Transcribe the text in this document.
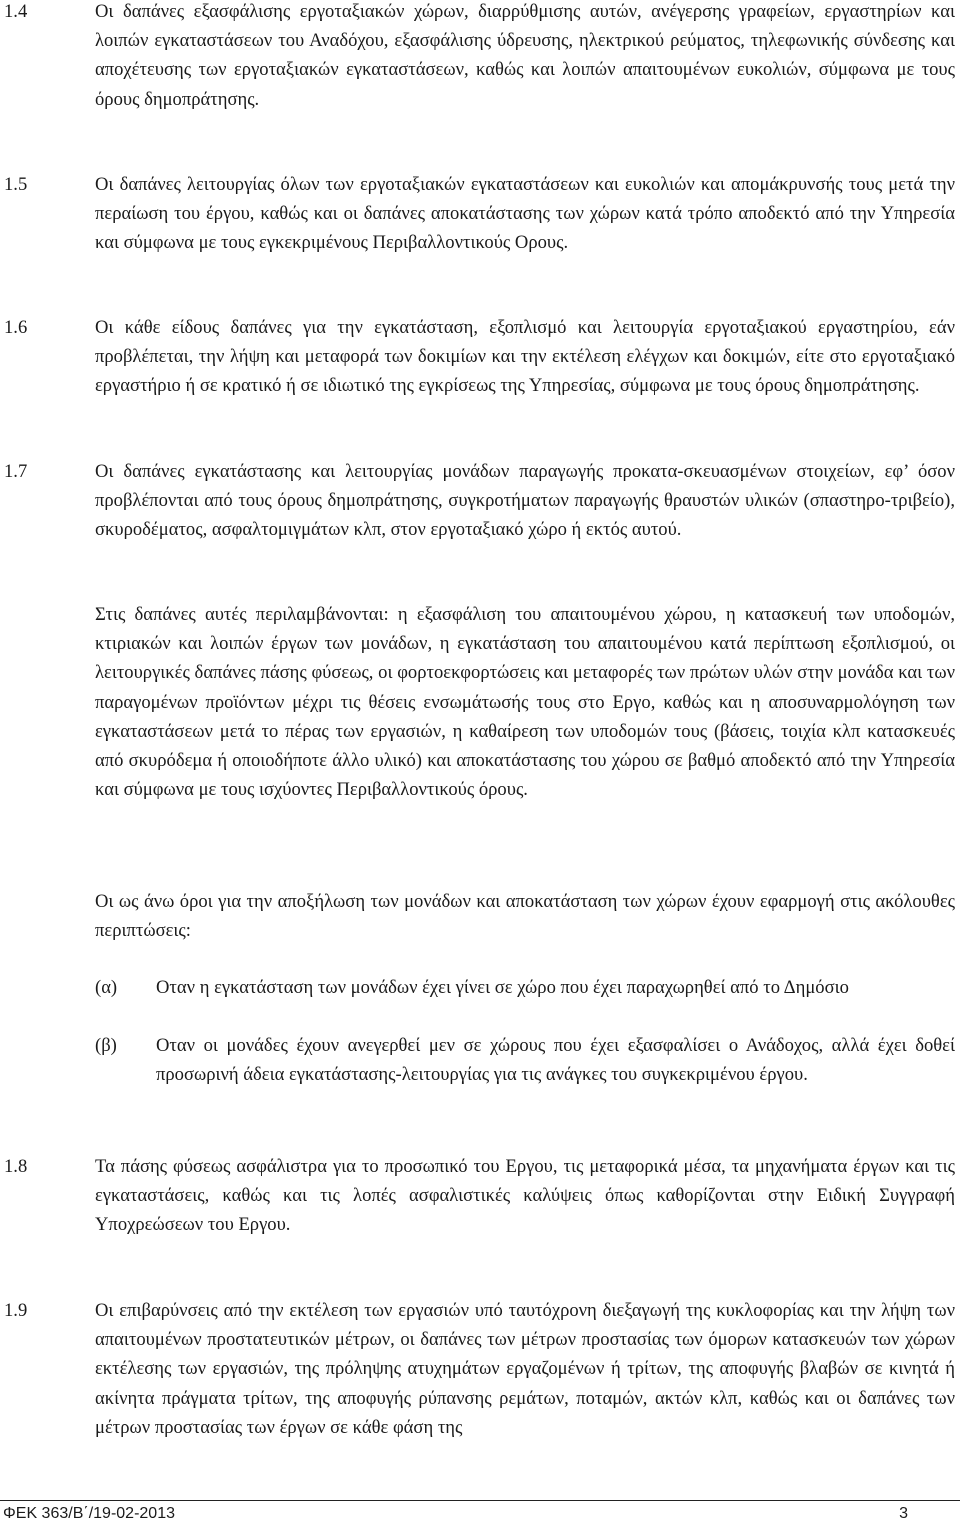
1.4	Οι δαπάνες εξασφάλισης εργοταξιακών χώρων, διαρρύθμισης αυτών, ανέγερσης γραφείων, εργαστηρίων και λοιπών εγκαταστάσεων του Αναδόχου, εξασφάλισης ύδρευσης, ηλεκτρικού ρεύματος, τηλεφωνικής σύνδεσης και αποχέτευσης των εργοταξιακών εγκαταστάσεων, καθώς και λοιπών απαιτουμένων ευκολιών, σύμφωνα με τους όρους δημοπράτησης.

1.5	Οι δαπάνες λειτουργίας όλων των εργοταξιακών εγκαταστάσεων και ευκολιών και απομάκρυνσής τους μετά την περαίωση του έργου, καθώς και οι δαπάνες αποκατάστασης των χώρων κατά τρόπο αποδεκτό από την Υπηρεσία και σύμφωνα με τους εγκεκριμένους Περιβαλλοντικούς Ορους.

1.6	Οι κάθε είδους δαπάνες για την εγκατάσταση, εξοπλισμό και λειτουργία εργοταξιακού εργαστηρίου, εάν προβλέπεται, την λήψη και μεταφορά των δοκιμίων και την εκτέλεση ελέγχων και δοκιμών, είτε στο εργοταξιακό εργαστήριο ή σε κρατικό ή σε ιδιωτικό της εγκρίσεως της Υπηρεσίας, σύμφωνα με τους όρους δημοπράτησης.

1.7	Οι δαπάνες εγκατάστασης και λειτουργίας μονάδων παραγωγής προκατα-σκευασμένων στοιχείων, εφ’ όσον προβλέπονται από τους όρους δημοπράτησης, συγκροτήματων παραγωγής θραυστών υλικών (σπαστηρο-τριβείο), σκυροδέματος, ασφαλτομιγμάτων κλπ, στον εργοταξιακό χώρο ή εκτός αυτού.

Στις δαπάνες αυτές περιλαμβάνονται: η εξασφάλιση του απαιτουμένου χώρου, η κατασκευή των υποδομών, κτιριακών και λοιπών έργων των μονάδων, η εγκατάσταση του απαιτουμένου κατά περίπτωση εξοπλισμού, οι λειτουργικές δαπάνες πάσης φύσεως, οι φορτοεκφορτώσεις και μεταφορές των πρώτων υλών στην μονάδα και των παραγομένων προϊόντων μέχρι τις θέσεις ενσωμάτωσής τους στο Εργο, καθώς και η αποσυναρμολόγηση των εγκαταστάσεων μετά το πέρας των εργασιών, η καθαίρεση των υποδομών τους (βάσεις, τοιχία κλπ κατασκευές από σκυρόδεμα ή οποιοδήποτε άλλο υλικό) και αποκατάστασης του χώρου σε βαθμό αποδεκτό από την Υπηρεσία και σύμφωνα με τους ισχύοντες Περιβαλλοντικούς όρους.

Οι ως άνω όροι για την αποξήλωση των μονάδων και αποκατάσταση των χώρων έχουν εφαρμογή στις ακόλουθες περιπτώσεις:

(α) Οταν η εγκατάσταση των μονάδων έχει γίνει σε χώρο που έχει παραχωρηθεί από το Δημόσιο

(β) Οταν οι μονάδες έχουν ανεγερθεί μεν σε χώρους που έχει εξασφαλίσει ο Ανάδοχος, αλλά έχει δοθεί προσωρινή άδεια εγκατάστασης-λειτουργίας για τις ανάγκες του συγκεκριμένου έργου.

1.8	Τα πάσης φύσεως ασφάλιστρα για το προσωπικό του Εργου, τις μεταφορικά μέσα, τα μηχανήματα έργων και τις εγκαταστάσεις, καθώς και τις λοπές ασφαλιστικές καλύψεις όπως καθορίζονται στην Ειδική Συγγραφή Υποχρεώσεων του Εργου.

1.9	Οι επιβαρύνσεις από την εκτέλεση των εργασιών υπό ταυτόχρονη διεξαγωγή της κυκλοφορίας και την λήψη των απαιτουμένων προστατευτικών μέτρων, οι δαπάνες των μέτρων προστασίας των όμορων κατασκευών των χώρων εκτέλεσης των εργασιών, της πρόληψης ατυχημάτων εργαζομένων ή τρίτων, της αποφυγής βλαβών σε κινητά ή ακίνητα πράγματα τρίτων, της αποφυγής ρύπανσης ρεμάτων, ποταμών, ακτών κλπ, καθώς και οι δαπάνες των μέτρων προστασίας των έργων σε κάθε φάση της

ΦΕΚ 363/Β΄/19-02-2013	3
